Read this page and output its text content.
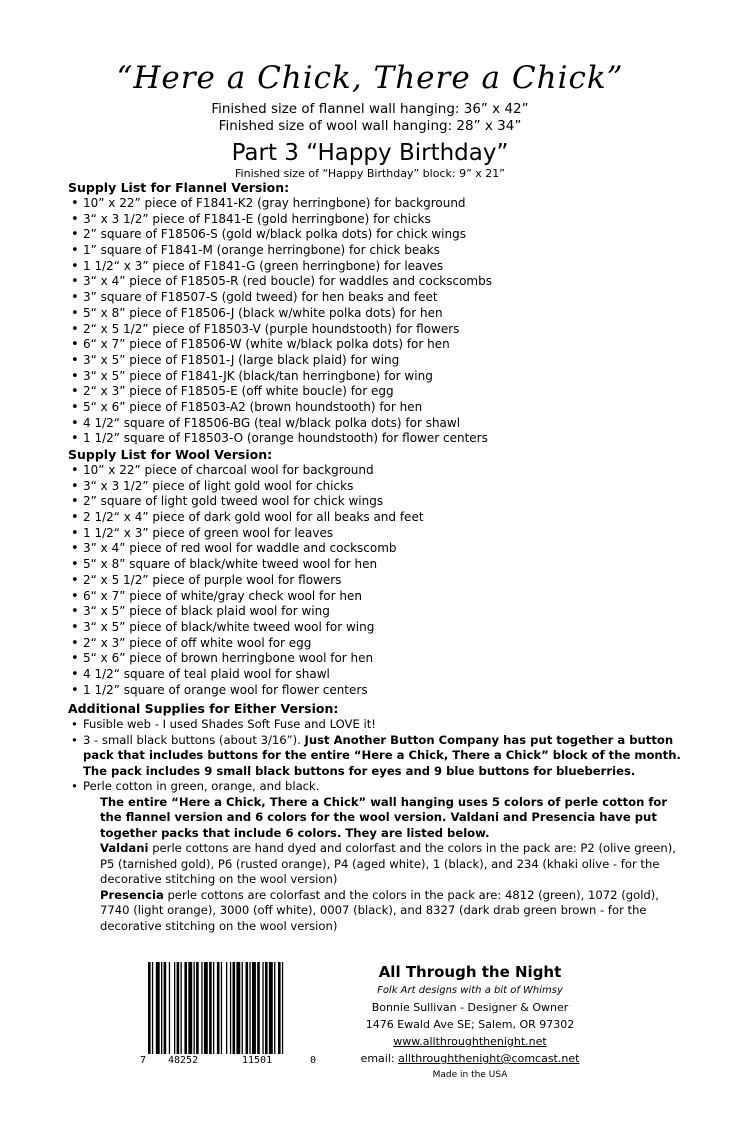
“Here a Chick, There a Chick”
Finished size of flannel wall hanging: 36” x 42”
Finished size of wool wall hanging: 28” x 34”
Part 3 “Happy Birthday”
Finished size of “Happy Birthday” block: 9” x 21”
Supply List for Flannel Version:
• 10” x 22” piece of F1841-K2 (gray herringbone) for background
• 3“ x 3 1/2” piece of F1841-E (gold herringbone) for chicks
• 2” square of F18506-S (gold w/black polka dots) for chick wings
• 1” square of F1841-M (orange herringbone) for chick beaks
• 1 1/2“ x 3” piece of F1841-G (green herringbone) for leaves
• 3“ x 4” piece of F18505-R (red boucle) for waddles and cockscombs
• 3” square of F18507-S (gold tweed) for hen beaks and feet
• 5“ x 8” piece of F18506-J (black w/white polka dots) for hen
• 2“ x 5 1/2” piece of F18503-V (purple houndstooth) for flowers
• 6“ x 7” piece of F18506-W (white w/black polka dots) for hen
• 3“ x 5” piece of F18501-J (large black plaid) for wing
• 3“ x 5” piece of F1841-JK (black/tan herringbone) for wing
• 2“ x 3” piece of F18505-E (off white boucle) for egg
• 5“ x 6” piece of F18503-A2 (brown houndstooth) for hen
• 4 1/2“ square of F18506-BG (teal w/black polka dots) for shawl
• 1 1/2” square of F18503-O (orange houndstooth) for flower centers
Supply List for Wool Version:
• 10” x 22” piece of charcoal wool for background
• 3“ x 3 1/2” piece of light gold wool for chicks
• 2” square of light gold tweed wool for chick wings
• 2 1/2“ x 4” piece of dark gold wool for all beaks and feet
• 1 1/2“ x 3” piece of green wool for leaves
• 3” x 4” piece of red wool for waddle and cockscomb
• 5“ x 8” square of black/white tweed wool for hen
• 2“ x 5 1/2” piece of purple wool for flowers
• 6“ x 7” piece of white/gray check wool for hen
• 3“ x 5” piece of black plaid wool for wing
• 3“ x 5” piece of black/white tweed wool for wing
• 2“ x 3” piece of off white wool for egg
• 5“ x 6” piece of brown herringbone wool for hen
• 4 1/2“ square of teal plaid wool for shawl
• 1 1/2” square of orange wool for flower centers
Additional Supplies for Either Version:
• Fusible web - I used Shades Soft Fuse and LOVE it!
• 3 - small black buttons (about 3/16”). Just Another Button Company has put together a button pack that includes buttons for the entire “Here a Chick, There a Chick” block of the month. The pack includes 9 small black buttons for eyes and 9 blue buttons for blueberries.
• Perle cotton in green, orange, and black.
The entire “Here a Chick, There a Chick” wall hanging uses 5 colors of perle cotton for the flannel version and 6 colors for the wool version. Valdani and Presencia have put together packs that include 6 colors. They are listed below.
Valdani perle cottons are hand dyed and colorfast and the colors in the pack are: P2 (olive green), P5 (tarnished gold), P6 (rusted orange), P4 (aged white), 1 (black), and 234 (khaki olive - for the decorative stitching on the wool version)
Presencia perle cottons are colorfast and the colors in the pack are: 4812 (green), 1072 (gold), 7740 (light orange), 3000 (off white), 0007 (black), and 8327 (dark drab green brown - for the decorative stitching on the wool version)
7 48252	11501	0
All Through the Night
Folk Art designs with a bit of Whimsy
Bonnie Sullivan - Designer & Owner
1476 Ewald Ave SE; Salem, OR 97302
www.allthroughthenight.net
email: allthroughthenight@comcast.net
Made in the USA
